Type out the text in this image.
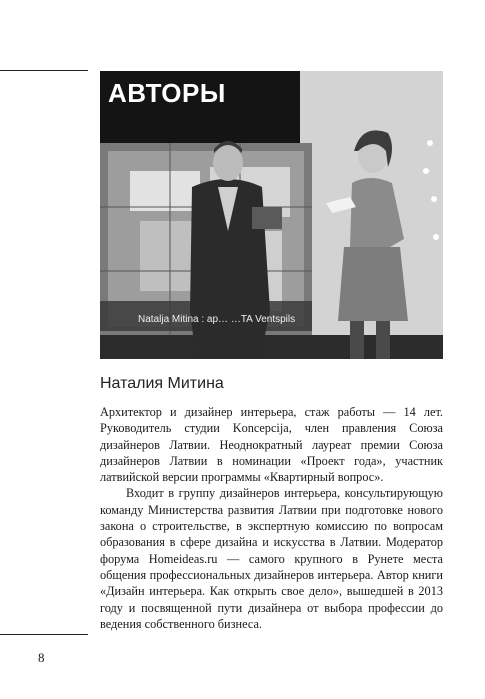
АВТОРЫ
Natalja Mitina : ар… …TA Ventspils
Наталия Митина

Архитектор и дизайнер интерьера, стаж работы — 14 лет. Руководитель студии Konсepcija, член правления Союза дизайнеров Латвии. Неоднократный лауреат премии Союза дизайнеров Латвии в номинации «Проект года», участник латвийской версии программы «Квартирный вопрос».

Входит в группу дизайнеров интерьера, консультирующую команду Министерства развития Латвии при подготовке нового закона о строительстве, в экспертную комиссию по вопросам образования в сфере дизайна и искусства в Латвии. Модератор форума Homeideas.ru — самого крупного в Рунете места общения профессиональных дизайнеров интерьера. Автор книги «Дизайн интерьера. Как открыть свое дело», вышедшей в 2013 году и посвященной пути дизайнера от выбора профессии до ведения собственного бизнеса.

8
